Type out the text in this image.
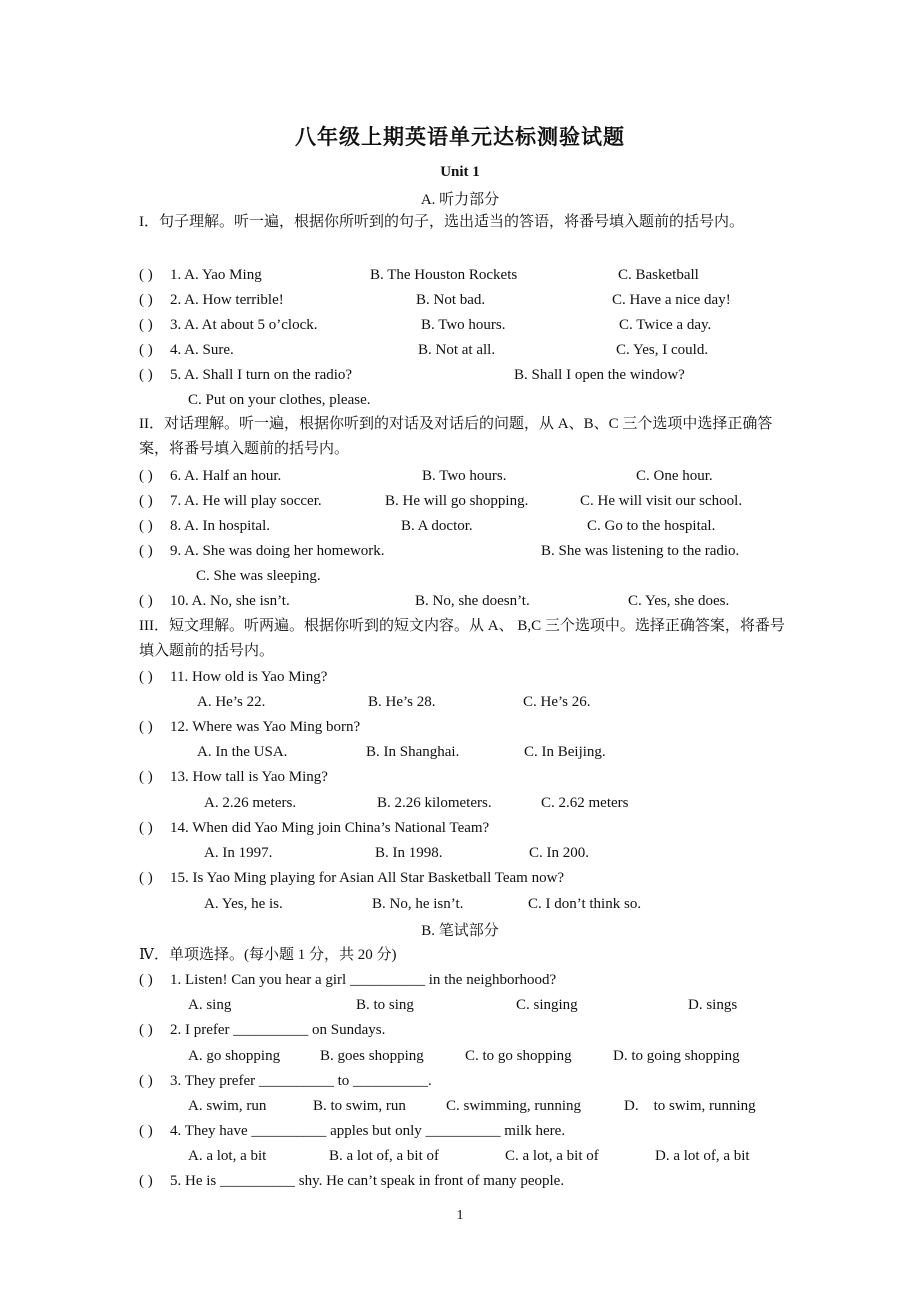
八年级上期英语单元达标测验试题
Unit 1
A. 听力部分
I．句子理解。听一遍，根据你所听到的句子，选出适当的答语，将番号填入题前的括号内。
( ) 1. A. Yao Ming	B. The Houston Rockets	C. Basketball
( ) 2. A. How terrible!	B. Not bad.	C. Have a nice day!
( ) 3. A. At about 5 o’clock.	B. Two hours.	C. Twice a day.
( ) 4. A. Sure.	B. Not at all.	C. Yes, I could.
( ) 5. A. Shall I turn on the radio?	B. Shall I open the window?
C. Put on your clothes, please.
II．对话理解。听一遍，根据你听到的对话及对话后的问题，从 A、B、C 三个选项中选择正确答案，将番号填入题前的括号内。
( ) 6. A. Half an hour.	B. Two hours.	C. One hour.
( ) 7. A. He will play soccer.	B. He will go shopping.	C. He will visit our school.
( ) 8. A. In hospital.	B. A doctor.	C. Go to the hospital.
( ) 9. A. She was doing her homework.	B. She was listening to the radio.
C. She was sleeping.
( ) 10. A. No, she isn’t.	B. No, she doesn’t.	C. Yes, she does.
III．短文理解。听两遍。根据你听到的短文内容。从 A、 B,C 三个选项中。选择正确答案，将番号填入题前的括号内。
( ) 11. How old is Yao Ming?
A. He’s 22.	B. He’s 28.	C. He’s 26.
( ) 12. Where was Yao Ming born?
A. In the USA.	B. In Shanghai.	C. In Beijing.
( ) 13. How tall is Yao Ming?
A. 2.26 meters.	B. 2.26 kilometers.	C. 2.62 meters
( ) 14. When did Yao Ming join China’s National Team?
A. In 1997.	B. In 1998.	C. In 200.
( ) 15. Is Yao Ming playing for Asian All Star Basketball Team now?
A. Yes, he is.	B. No, he isn’t.	C. I don’t think so.
B. 笔试部分
Ⅳ．单项选择。(每小题 1 分，共 20 分)
( ) 1. Listen! Can you hear a girl __________ in the neighborhood?
A. sing	B. to sing	C. singing	D. sings
( ) 2. I prefer __________ on Sundays.
A. go shopping	B. goes shopping	C. to go shopping	D. to going shopping
( ) 3. They prefer __________ to __________.
A. swim, run	B. to swim, run	C. swimming, running	D.    to swim, running
( ) 4. They have __________ apples but only __________ milk here.
A. a lot, a bit	B. a lot of, a bit of	C. a lot, a bit of	D. a lot of, a bit
( ) 5. He is __________ shy. He can’t speak in front of many people.
1
